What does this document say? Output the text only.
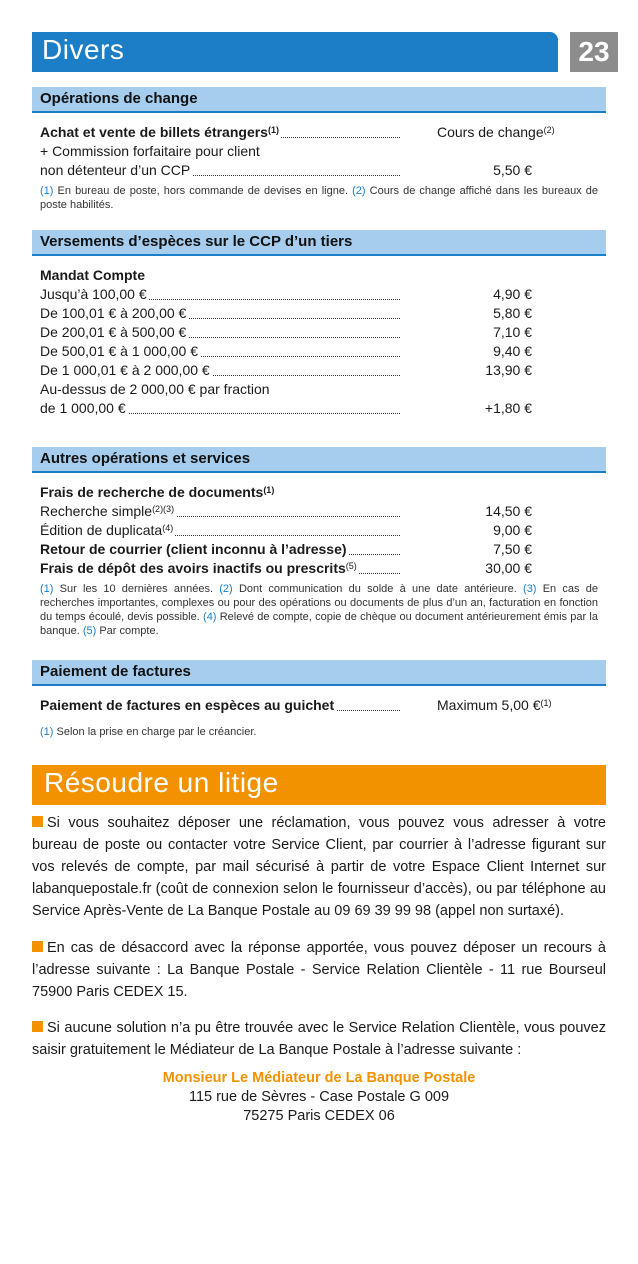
Divers	23
Opérations de change
Achat et vente de billets étrangers$^{(1)}$	Cours de change$^{(2)}$
+ Commission forfaitaire pour client
non détenteur d’un CCP	5,50 €
(1) En bureau de poste, hors commande de devises en ligne. (2) Cours de change affiché dans les bureaux de poste habilités.
Versements d’espèces sur le CCP d’un tiers
Mandat Compte
Jusqu’à 100,00 €	4,90 €
De 100,01 € à 200,00 €	5,80 €
De 200,01 € à 500,00 €	7,10 €
De 500,01 € à 1 000,00 €	9,40 €
De 1 000,01 € à 2 000,00 €	13,90 €
Au-dessus de 2 000,00 € par fraction
de 1 000,00 €	+1,80 €
Autres opérations et services
Frais de recherche de documents$^{(1)}$
Recherche simple$^{(2)(3)}$	14,50 €
Édition de duplicata$^{(4)}$	9,00 €
Retour de courrier (client inconnu à l’adresse)	7,50 €
Frais de dépôt des avoirs inactifs ou prescrits$^{(5)}$	30,00 €
(1) Sur les 10 dernières années. (2) Dont communication du solde à une date antérieure. (3) En cas de recherches importantes, complexes ou pour des opérations ou documents de plus d’un an, facturation en fonction du temps écoulé, devis possible. (4) Relevé de compte, copie de chèque ou document antérieurement émis par la banque. (5) Par compte.
Paiement de factures
Paiement de factures en espèces au guichet	Maximum 5,00 €$^{(1)}$
(1) Selon la prise en charge par le créancier.
Résoudre un litige
Si vous souhaitez déposer une réclamation, vous pouvez vous adresser à votre bureau de poste ou contacter votre Service Client, par courrier à l’adresse figurant sur vos relevés de compte, par mail sécurisé à partir de votre Espace Client Internet sur labanquepostale.fr (coût de connexion selon le fournisseur d’accès), ou par téléphone au Service Après-Vente de La Banque Postale au 09 69 39 99 98 (appel non surtaxé).
En cas de désaccord avec la réponse apportée, vous pouvez déposer un recours à l’adresse suivante : La Banque Postale - Service Relation Clientèle - 11 rue Bourseul 75900 Paris CEDEX 15.
Si aucune solution n’a pu être trouvée avec le Service Relation Clientèle, vous pouvez saisir gratuitement le Médiateur de La Banque Postale à l’adresse suivante :
Monsieur Le Médiateur de La Banque Postale
115 rue de Sèvres - Case Postale G 009
75275 Paris CEDEX 06
